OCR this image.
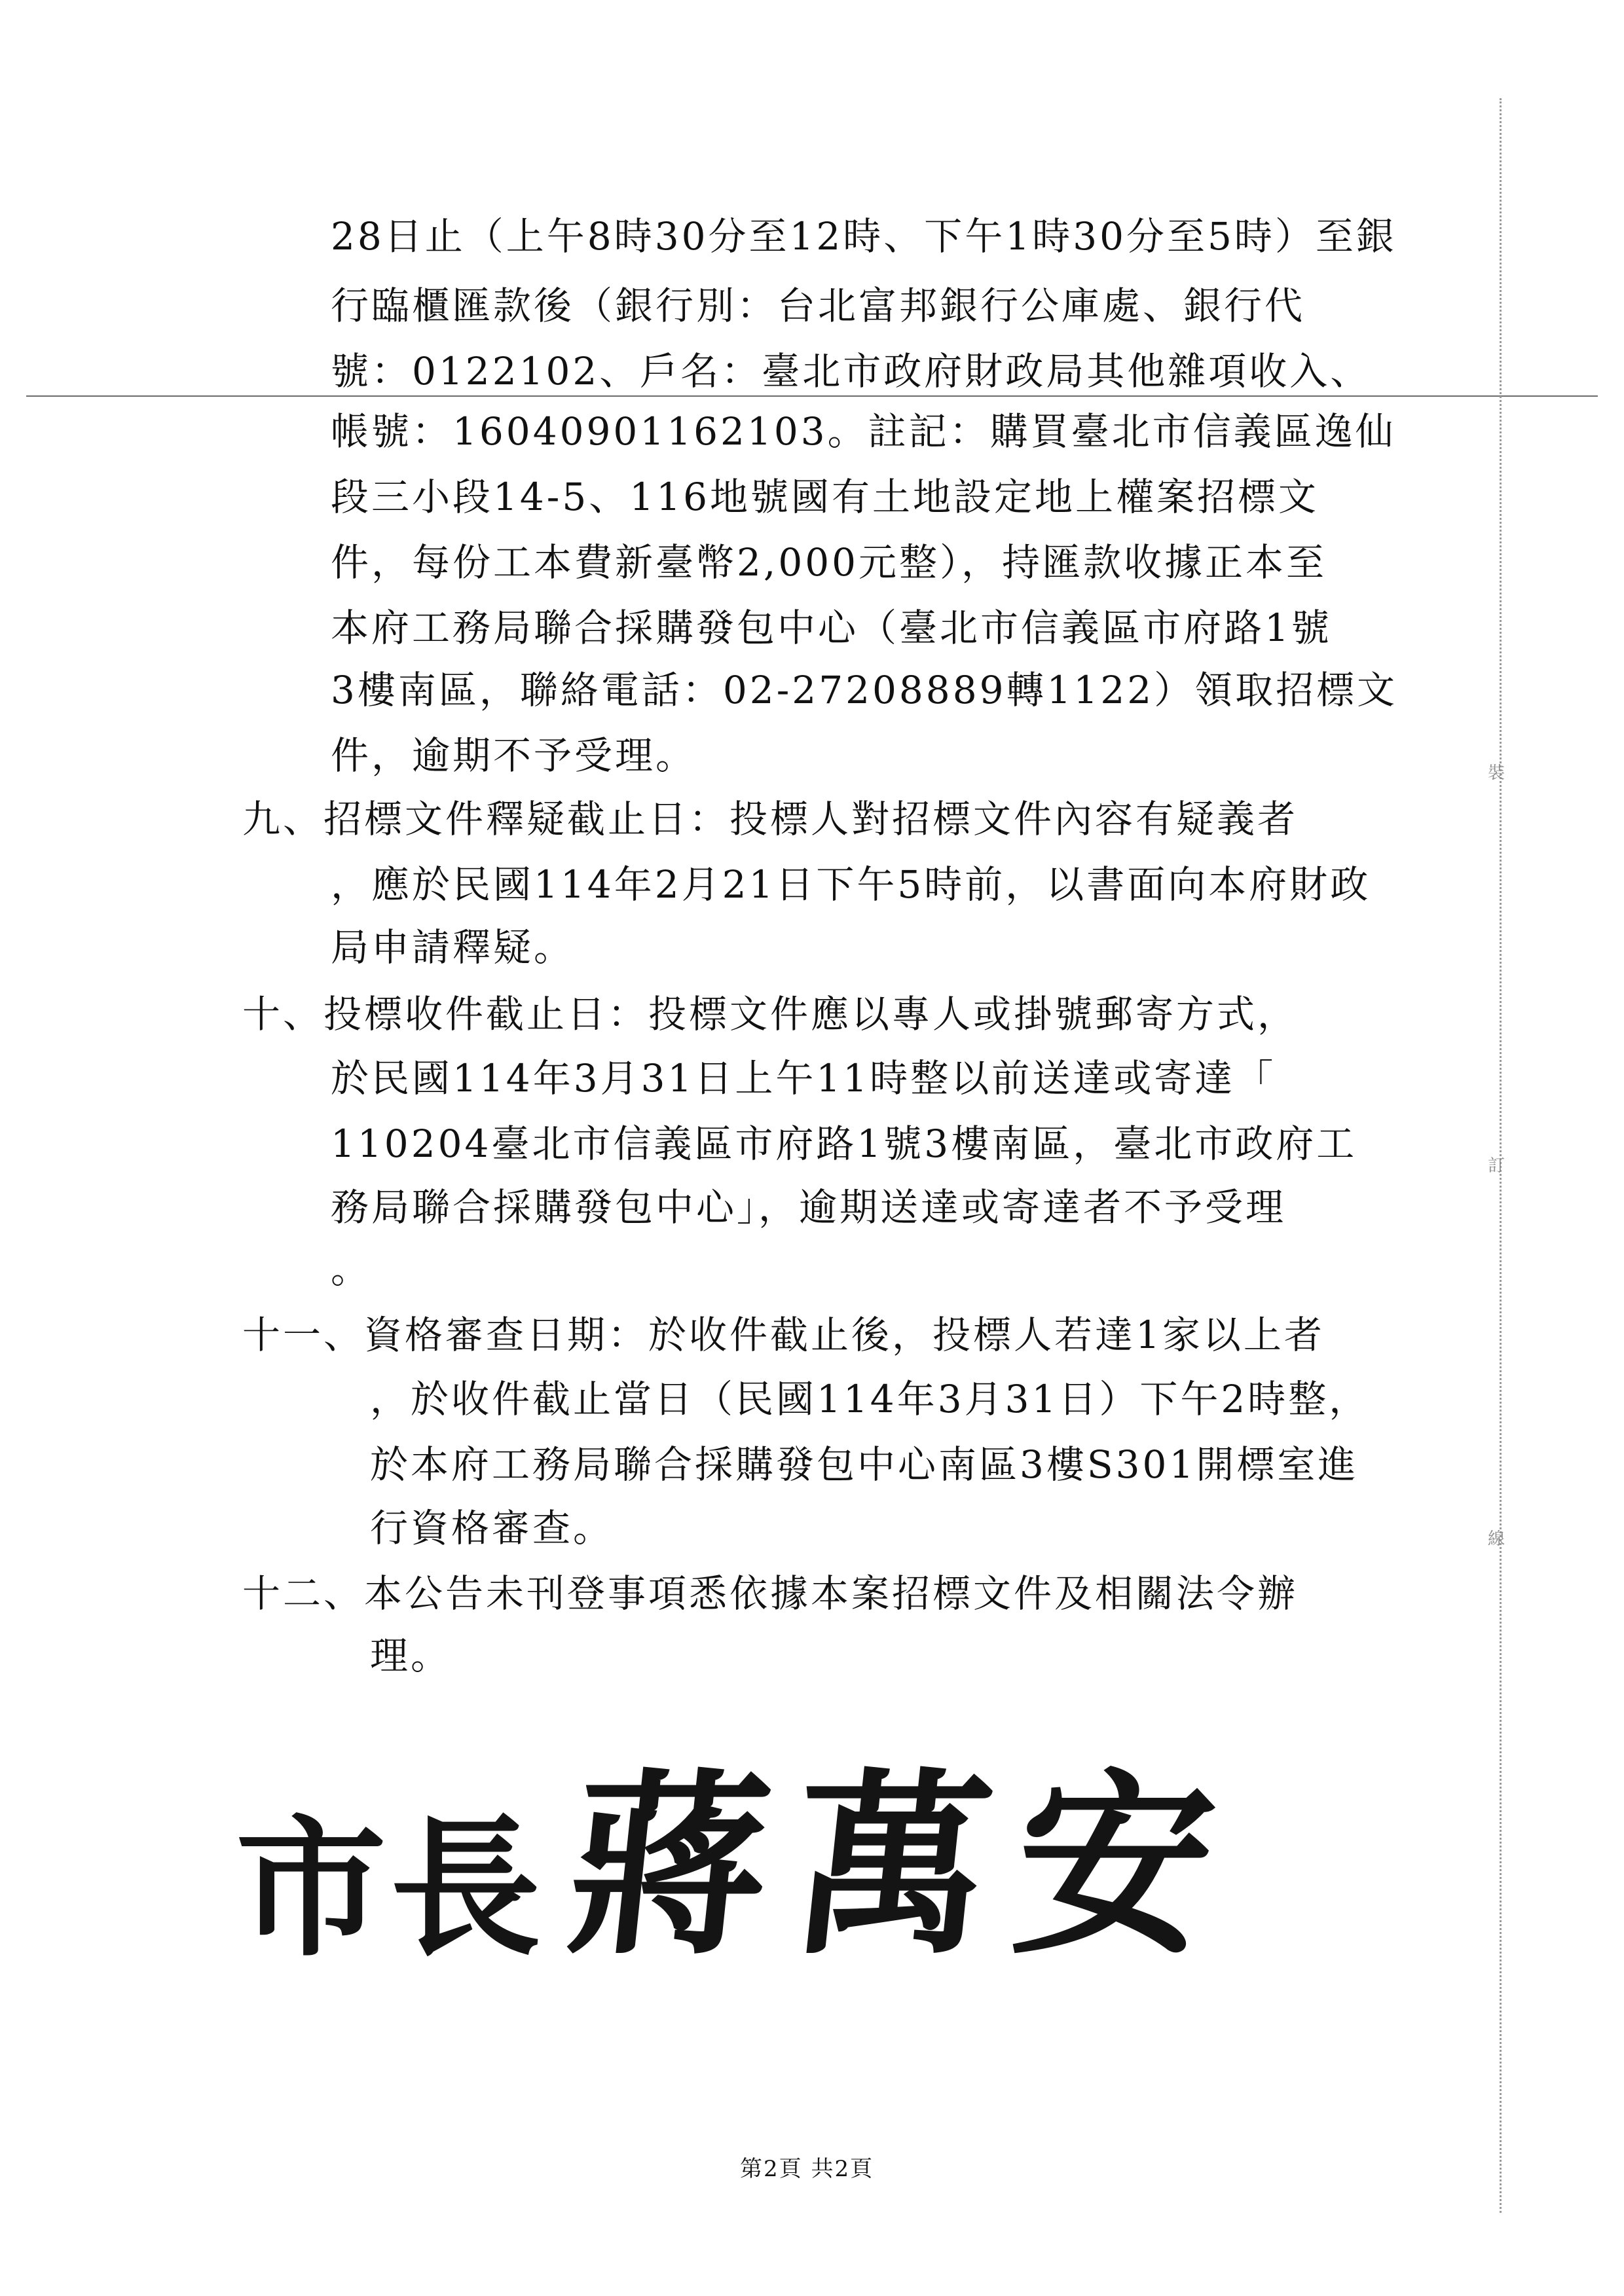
裝
訂
線
28日止（上午8時30分至12時、下午1時30分至5時）至銀
行臨櫃匯款後（銀行別：台北富邦銀行公庫處、銀行代
號：0122102、戶名：臺北市政府財政局其他雜項收入、
帳號：16040901162103。註記：購買臺北市信義區逸仙
段三小段14-5、116地號國有土地設定地上權案招標文
件，每份工本費新臺幣2,000元整），持匯款收據正本至
本府工務局聯合採購發包中心（臺北市信義區市府路1號
3樓南區，聯絡電話：02-27208889轉1122）領取招標文
件，逾期不予受理。
九、招標文件釋疑截止日：投標人對招標文件內容有疑義者
，應於民國114年2月21日下午5時前，以書面向本府財政
局申請釋疑。
十、投標收件截止日：投標文件應以專人或掛號郵寄方式，
於民國114年3月31日上午11時整以前送達或寄達「
110204臺北市信義區市府路1號3樓南區，臺北市政府工
務局聯合採購發包中心」，逾期送達或寄達者不予受理
。
十一、資格審查日期：於收件截止後，投標人若達1家以上者
，於收件截止當日（民國114年3月31日）下午2時整，
於本府工務局聯合採購發包中心南區3樓S301開標室進
行資格審查。
十二、本公告未刊登事項悉依據本案招標文件及相關法令辦
理。
市長 蔣萬安
第2頁 共2頁
